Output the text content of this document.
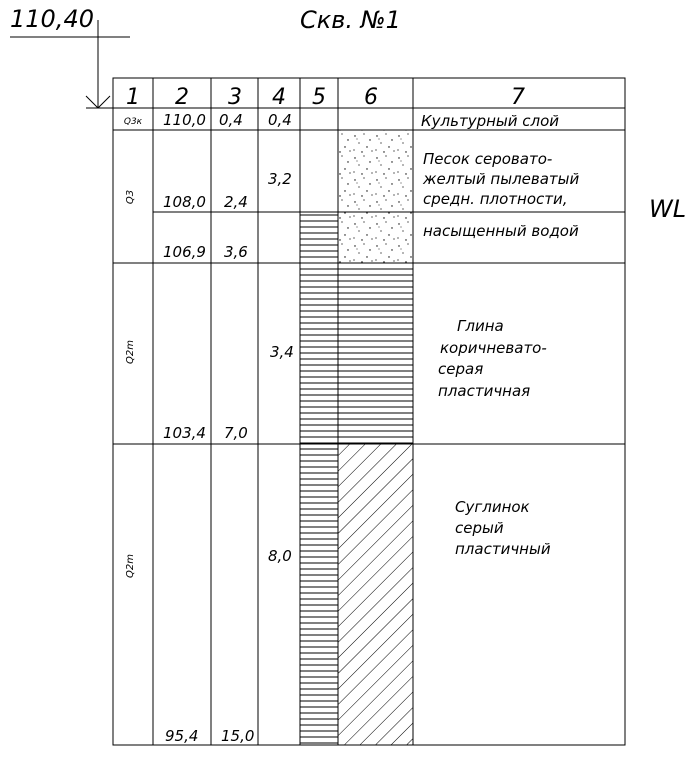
Скв. №1
110,40
WL
1 2 3 4 5 6	7
Q3к 110,0 0,4 0,4	Культурный слой
Q3 108,0 2,4
3,2
Песок сероватo-
желтый пылеватый
средн. плотности,
106,9 3,6
насыщенный водой
Q2m
103,4 7,0
3,4
Глина
коричневато-
серая
пластичная
Q2m
95,4 15,0
8,0
Суглинок
серый
пластичный
